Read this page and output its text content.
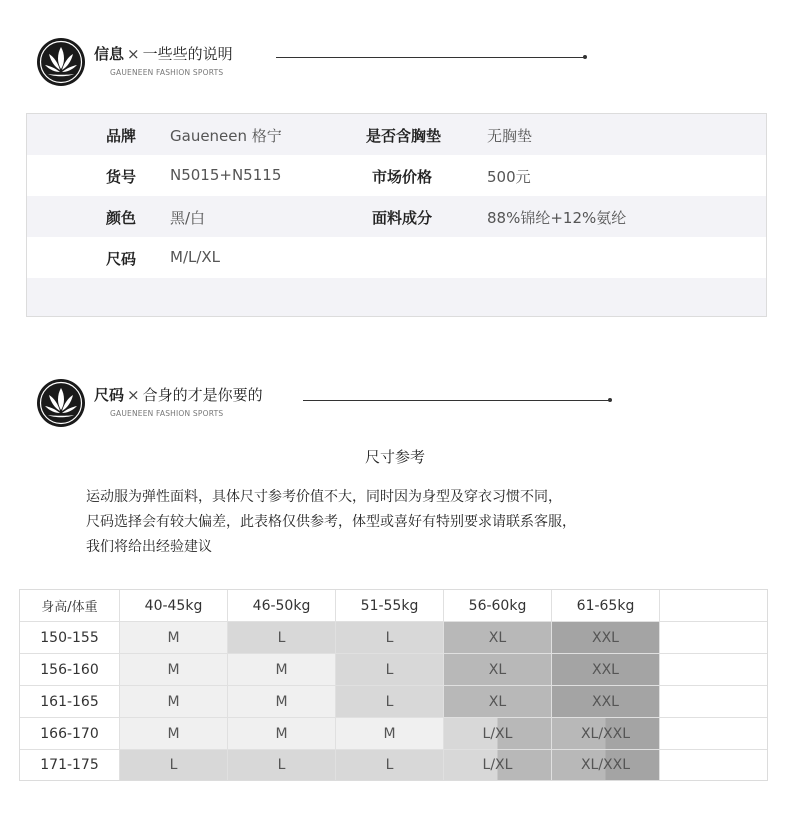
信息 × 一些些的说明
GAUENEEN FASHION SPORTS
品牌 Gaueneen 格宁	是否含胸垫	无胸垫
货号 N5015+N5115	市场价格	500元
颜色 黑/白	面料成分	88%锦纶+12%氨纶
尺码 M/L/XL
尺码 × 合身的才是你要的
GAUENEEN FASHION SPORTS
尺寸参考
运动服为弹性面料，具体尺寸参考价值不大，同时因为身型及穿衣习惯不同，
尺码选择会有较大偏差，此表格仅供参考，体型或喜好有特别要求请联系客服，
我们将给出经验建议
身高/体重	40-45kg	46-50kg	51-55kg	56-60kg	61-65kg
150-155	M	L	L	XL	XXL
156-160	M	M	L	XL	XXL
161-165	M	M	L	XL	XXL
166-170	M	M	M	L/XL	XL/XXL
171-175	L	L	L	L/XL	XL/XXL
